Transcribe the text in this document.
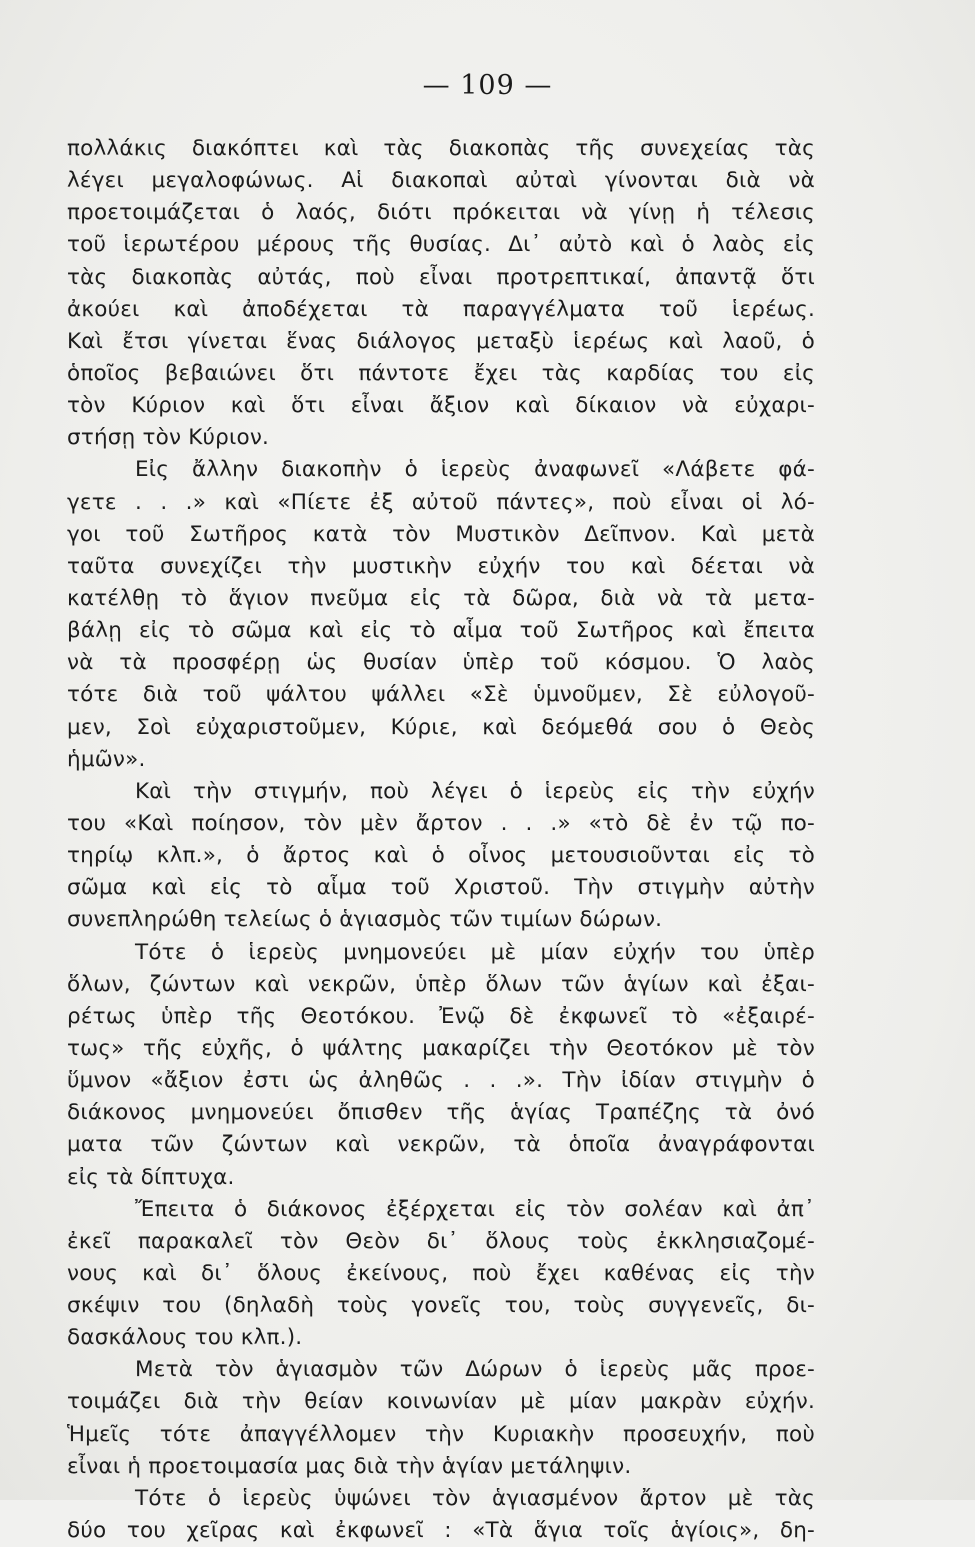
— 109 —
πολλάκις διακόπτει καὶ τὰς διακοπὰς τῆς συνεχείας τὰς
λέγει μεγαλοφώνως. Αἱ διακοπαὶ αὐταὶ γίνονται διὰ νὰ
προετοιμάζεται ὁ λαός, διότι πρόκειται νὰ γίνῃ ἡ τέλεσις
τοῦ ἱερωτέρου μέρους τῆς θυσίας. Δι᾽ αὐτὸ καὶ ὁ λαὸς εἰς
τὰς διακοπὰς αὐτάς, ποὺ εἶναι προτρεπτικαί, ἀπαντᾷ ὅτι
ἀκούει καὶ ἀποδέχεται τὰ παραγγέλματα τοῦ ἱερέως.
Καὶ ἔτσι γίνεται ἕνας διάλογος μεταξὺ ἱερέως καὶ λαοῦ, ὁ
ὁποῖος βεβαιώνει ὅτι πάντοτε ἔχει τὰς καρδίας του εἰς
τὸν Κύριον καὶ ὅτι εἶναι ἄξιον καὶ δίκαιον νὰ εὐχαρι-
στήσῃ τὸν Κύριον.
Εἰς ἄλλην διακοπὴν ὁ ἱερεὺς ἀναφωνεῖ «Λάβετε φά-
γετε . . .» καὶ «Πίετε ἐξ αὐτοῦ πάντες», ποὺ εἶναι οἱ λό-
γοι τοῦ Σωτῆρος κατὰ τὸν Μυστικὸν Δεῖπνον. Καὶ μετὰ
ταῦτα συνεχίζει τὴν μυστικὴν εὐχήν του καὶ δέεται νὰ
κατέλθῃ τὸ ἅγιον πνεῦμα εἰς τὰ δῶρα, διὰ νὰ τὰ μετα-
βάλῃ εἰς τὸ σῶμα καὶ εἰς τὸ αἷμα τοῦ Σωτῆρος καὶ ἔπειτα
νὰ τὰ προσφέρῃ ὡς θυσίαν ὑπὲρ τοῦ κόσμου. Ὁ λαὸς
τότε διὰ τοῦ ψάλτου ψάλλει «Σὲ ὑμνοῦμεν, Σὲ εὐλογοῦ-
μεν, Σοὶ εὐχαριστοῦμεν, Κύριε, καὶ δεόμεθά σου ὁ Θεὸς
ἡμῶν».
Καὶ τὴν στιγμήν, ποὺ λέγει ὁ ἱερεὺς εἰς τὴν εὐχήν
του «Καὶ ποίησον, τὸν μὲν ἄρτον . . .» «τὸ δὲ ἐν τῷ πο-
τηρίῳ κλπ.», ὁ ἄρτος καὶ ὁ οἶνος μετουσιοῦνται εἰς τὸ
σῶμα καὶ εἰς τὸ αἷμα τοῦ Χριστοῦ. Τὴν στιγμὴν αὐτὴν
συνεπληρώθη τελείως ὁ ἁγιασμὸς τῶν τιμίων δώρων.
Τότε ὁ ἱερεὺς μνημονεύει μὲ μίαν εὐχήν του ὑπὲρ
ὅλων, ζώντων καὶ νεκρῶν, ὑπὲρ ὅλων τῶν ἁγίων καὶ ἐξαι-
ρέτως ὑπὲρ τῆς Θεοτόκου. Ἐνῷ δὲ ἐκφωνεῖ τὸ «ἐξαιρέ-
τως» τῆς εὐχῆς, ὁ ψάλτης μακαρίζει τὴν Θεοτόκον μὲ τὸν
ὕμνον «ἄξιον ἐστι ὡς ἀληθῶς . . .». Τὴν ἰδίαν στιγμὴν ὁ
διάκονος μνημονεύει ὄπισθεν τῆς ἁγίας Τραπέζης τὰ ὀνό
ματα τῶν ζώντων καὶ νεκρῶν, τὰ ὁποῖα ἀναγράφονται
εἰς τὰ δίπτυχα.
Ἔπειτα ὁ διάκονος ἐξέρχεται εἰς τὸν σολέαν καὶ ἀπ᾽
ἐκεῖ παρακαλεῖ τὸν Θεὸν δι᾽ ὅλους τοὺς ἐκκλησιαζομέ-
νους καὶ δι᾽ ὅλους ἐκείνους, ποὺ ἔχει καθένας εἰς τὴν
σκέψιν του (δηλαδὴ τοὺς γονεῖς του, τοὺς συγγενεῖς, δι-
δασκάλους του κλπ.).
Μετὰ τὸν ἁγιασμὸν τῶν Δώρων ὁ ἱερεὺς μᾶς προε-
τοιμάζει διὰ τὴν θείαν κοινωνίαν μὲ μίαν μακρὰν εὐχήν.
Ἡμεῖς τότε ἀπαγγέλλομεν τὴν Κυριακὴν προσευχήν, ποὺ
εἶναι ἡ προετοιμασία μας διὰ τὴν ἁγίαν μετάληψιν.
Τότε ὁ ἱερεὺς ὑψώνει τὸν ἁγιασμένον ἄρτον μὲ τὰς
δύο του χεῖρας καὶ ἐκφωνεῖ : «Τὰ ἅγια τοῖς ἁγίοις», δη-
